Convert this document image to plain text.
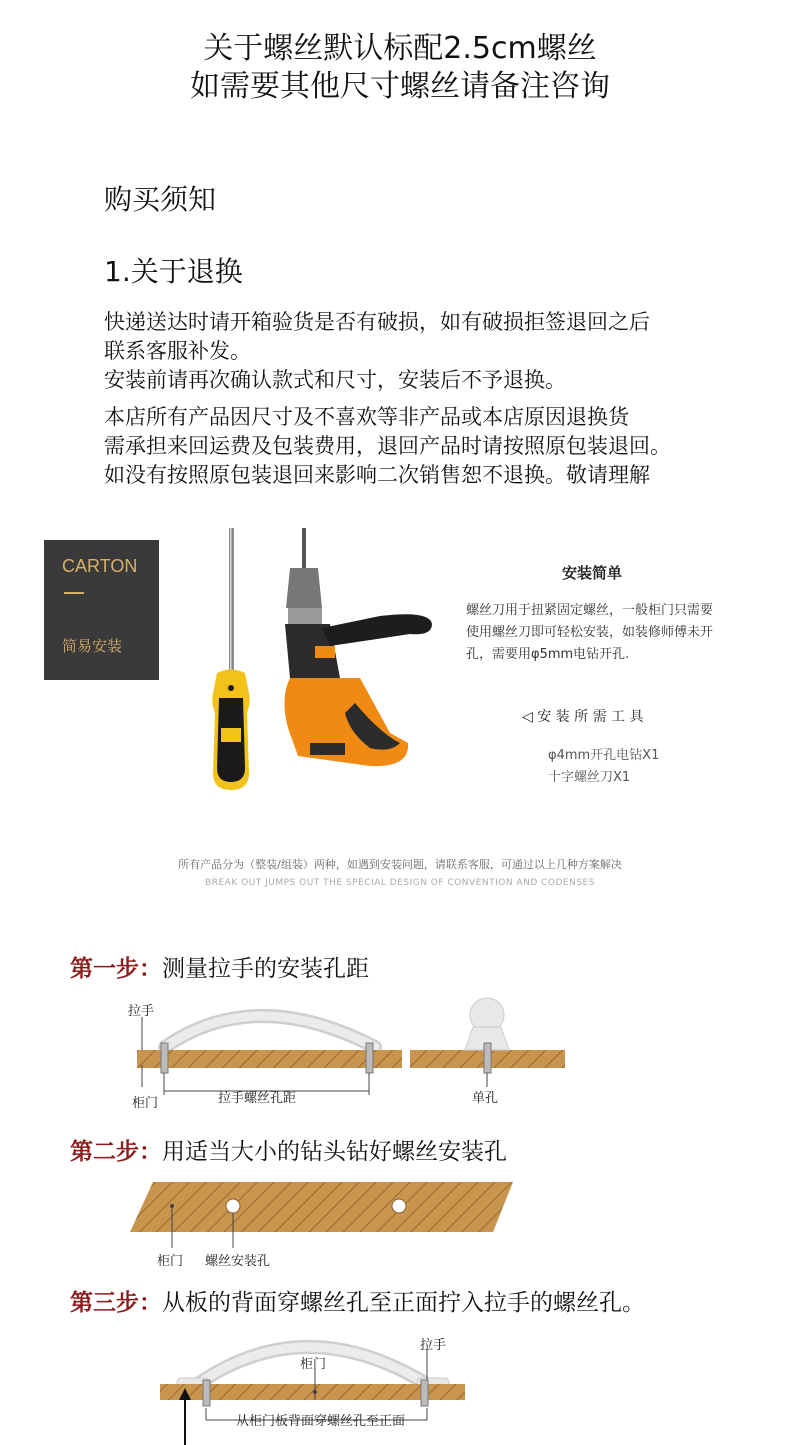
关于螺丝默认标配2.5cm螺丝
如需要其他尺寸螺丝请备注咨询
购买须知
1.关于退换
快递送达时请开箱验货是否有破损，如有破损拒签退回之后
联系客服补发。
安装前请再次确认款式和尺寸，安装后不予退换。
本店所有产品因尺寸及不喜欢等非产品或本店原因退换货
需承担来回运费及包装费用，退回产品时请按照原包装退回。
如没有按照原包装退回来影响二次销售恕不退换。敬请理解
CARTON
简易安装
安装简单
螺丝刀用于扭紧固定螺丝，一般柜门只需要
使用螺丝刀即可轻松安装，如装修师傅未开
孔，需要用φ5mm电钻开孔.
◁ 安 装 所 需 工 具
φ4mm开孔电钻X1
十字螺丝刀X1
所有产品分为（整装/组装）两种，如遇到安装问题，请联系客服，可通过以上几种方案解决
BREAK OUT JUMPS OUT THE SPECIAL DESIGN OF CONVENTION AND CODENSES
第一步：测量拉手的安装孔距
拉手
柜门	拉手螺丝孔距	单孔
第二步：用适当大小的钻头钻好螺丝安装孔
柜门 螺丝安装孔
第三步：从板的背面穿螺丝孔至正面拧入拉手的螺丝孔。
拉手
柜门
从柜门板背面穿螺丝孔至正面
